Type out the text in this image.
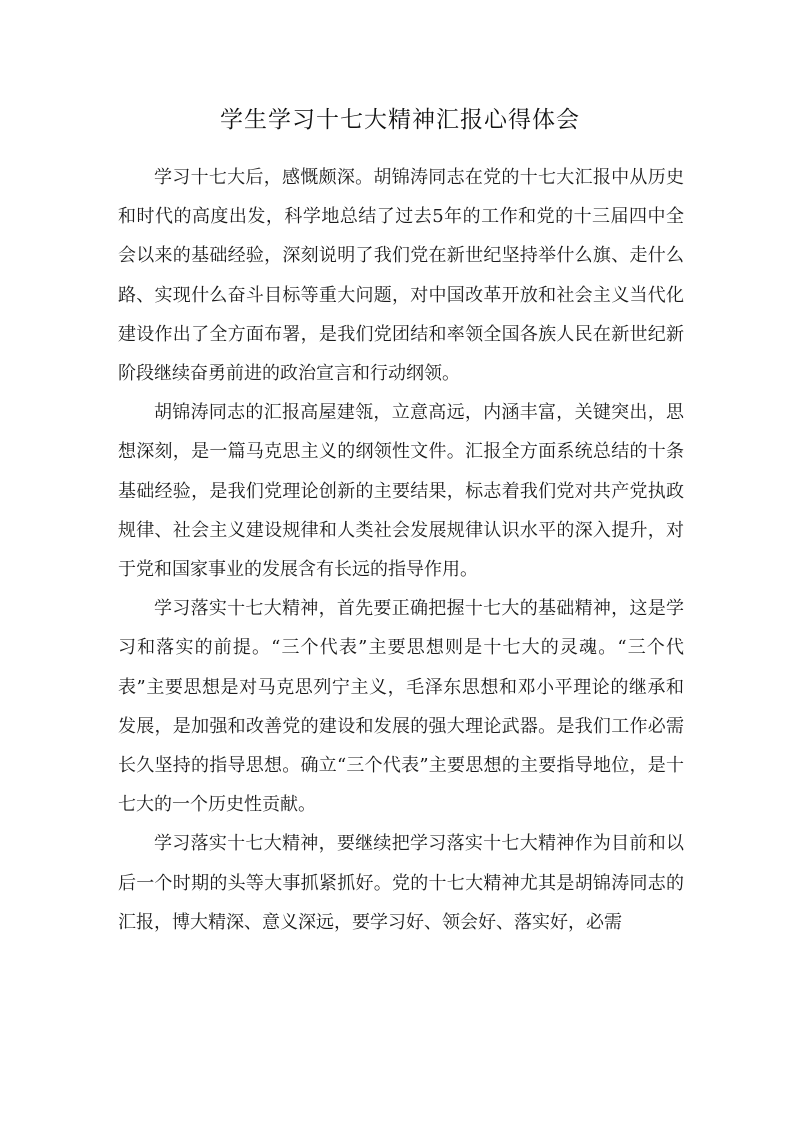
学生学习十七大精神汇报心得体会

学习十七大后，感慨颇深。胡锦涛同志在党的十七大汇报中从历史和时代的高度出发，科学地总结了过去5年的工作和党的十三届四中全会以来的基础经验，深刻说明了我们党在新世纪坚持举什么旗、走什么路、实现什么奋斗目标等重大问题，对中国改革开放和社会主义当代化建设作出了全方面布署，是我们党团结和率领全国各族人民在新世纪新阶段继续奋勇前进的政治宣言和行动纲领。

胡锦涛同志的汇报高屋建瓴，立意高远，内涵丰富，关键突出，思想深刻，是一篇马克思主义的纲领性文件。汇报全方面系统总结的十条基础经验，是我们党理论创新的主要结果，标志着我们党对共产党执政规律、社会主义建设规律和人类社会发展规律认识水平的深入提升，对于党和国家事业的发展含有长远的指导作用。

学习落实十七大精神，首先要正确把握十七大的基础精神，这是学习和落实的前提。“三个代表”主要思想则是十七大的灵魂。“三个代表”主要思想是对马克思列宁主义，毛泽东思想和邓小平理论的继承和发展，是加强和改善党的建设和发展的强大理论武器。是我们工作必需长久坚持的指导思想。确立“三个代表”主要思想的主要指导地位，是十七大的一个历史性贡献。

学习落实十七大精神，要继续把学习落实十七大精神作为目前和以后一个时期的头等大事抓紧抓好。党的十七大精神尤其是胡锦涛同志的汇报，博大精深、意义深远，要学习好、领会好、落实好，必需
